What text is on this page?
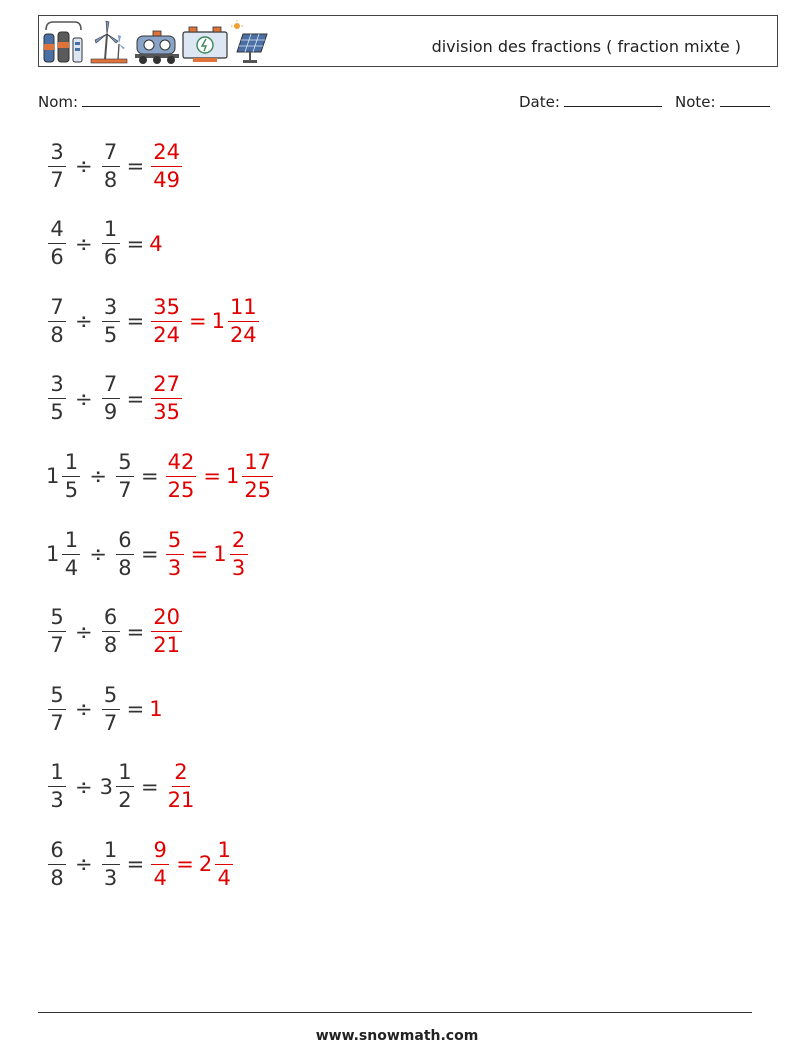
division des fractions ( fraction mixte )
Nom:	Date:	Note:
$\frac{3}{7} \div \frac{7}{8} = \frac{24}{49}$
$\frac{4}{6} \div \frac{1}{6} = 4$
$\frac{7}{8} \div \frac{3}{5} = \frac{35}{24} = 1 \frac{11}{24}$
$\frac{3}{5} \div \frac{7}{9} = \frac{27}{35}$
$1 \frac{1}{5} \div \frac{5}{7} = \frac{42}{25} = 1 \frac{17}{25}$
$1 \frac{1}{4} \div \frac{6}{8} = \frac{5}{3} = 1 \frac{2}{3}$
$\frac{5}{7} \div \frac{6}{8} = \frac{20}{21}$
$\frac{5}{7} \div \frac{5}{7} = 1$
$\frac{1}{3} \div 3 \frac{1}{2} = \frac{2}{21}$
$\frac{6}{8} \div \frac{1}{3} = \frac{9}{4} = 2 \frac{1}{4}$
www.snowmath.com
